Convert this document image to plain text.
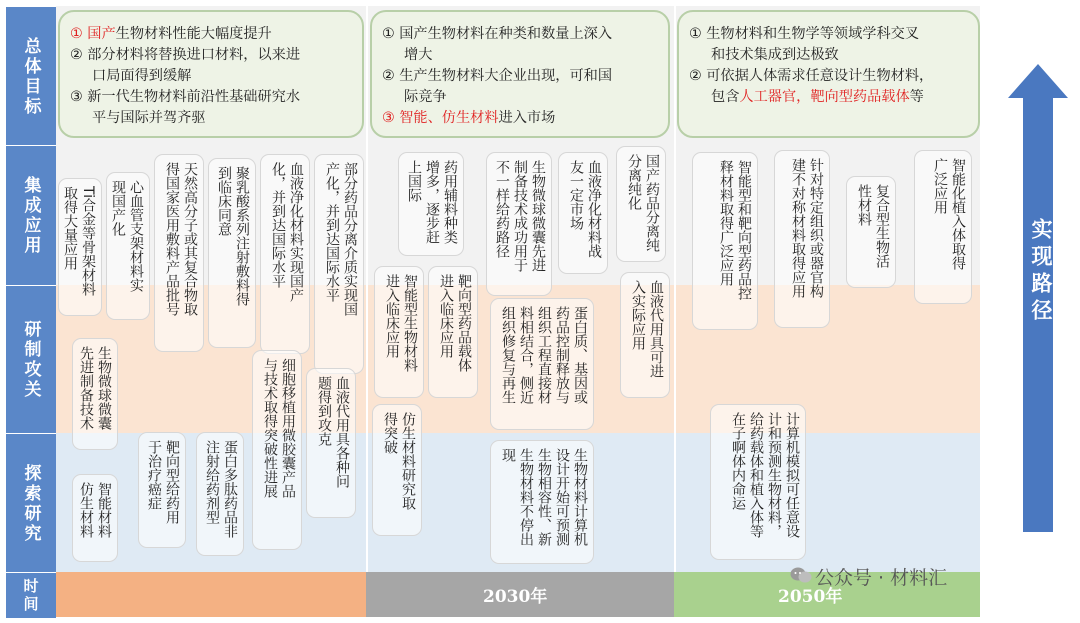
总体目标
集成应用
研制攻关
探索研究
时间
① 国产生物材料性能大幅度提升
② 部分材料将替换进口材料，以来进
口局面得到缓解
③ 新一代生物材料前沿性基础研究水
平与国际并驾齐驱
① 国产生物材料在种类和数量上深入
增大
② 生产生物材料大企业出现，可和国
际竞争
③ 智能、仿生材料进入市场
① 生物材料和生物学等领域学科交叉
和技术集成到达极致
② 可依据人体需求任意设计生物材料，
包含人工器官，靶向型药品载体等
Ti合金等骨架材料
取得大量应用	心血管支架材料实
现国产化	天然高分子或其复合物取
得国家医用敷料产品批号	聚乳酸系列注射敷料得
到临床同意	血液净化材料实现国产
化，并到达国际水平	部分药品分离介质实现国
产化，并到达国际水平
生物微球微囊
先进制备技术	细胞移植用微胶囊产品
与技术取得突破性进展	血液代用具各种问
题得到攻克
智能材料
仿生材料	靶向型给药用
于治疗癌症	蛋白多肽药品非
注射给药剂型
药用辅料种类
增多，逐步赶
上国际	生物微球微囊先进
制备技术成功用于
不一样给药路径	血液净化材料战
友一定市场	国产药品分离纯
分离纯化
智能型生物材料
进入临床应用	靶向型药品载体
进入临床应用	蛋白质、基因或
药品控制释放与
组织工程直接材
料相结合，侧近
组织修复与再生	血液代用具可进
入实际应用
仿生材料研究取
得突破
生物材料计算机
设计开始可预测
生物相容性、新
生物材料不停出
现
智能型和靶向型药品控
释材料取得广泛应用	针对特定组织或器官构
建不对称材料取得应用	复合型生物活
性材料	智能化植入体取得
广泛应用
计算机模拟可任意设
计和预测生物材料，
给药载体和植入体等
在子啊体内命运
2030年	2050年
实现路径
公众号 · 材料汇
